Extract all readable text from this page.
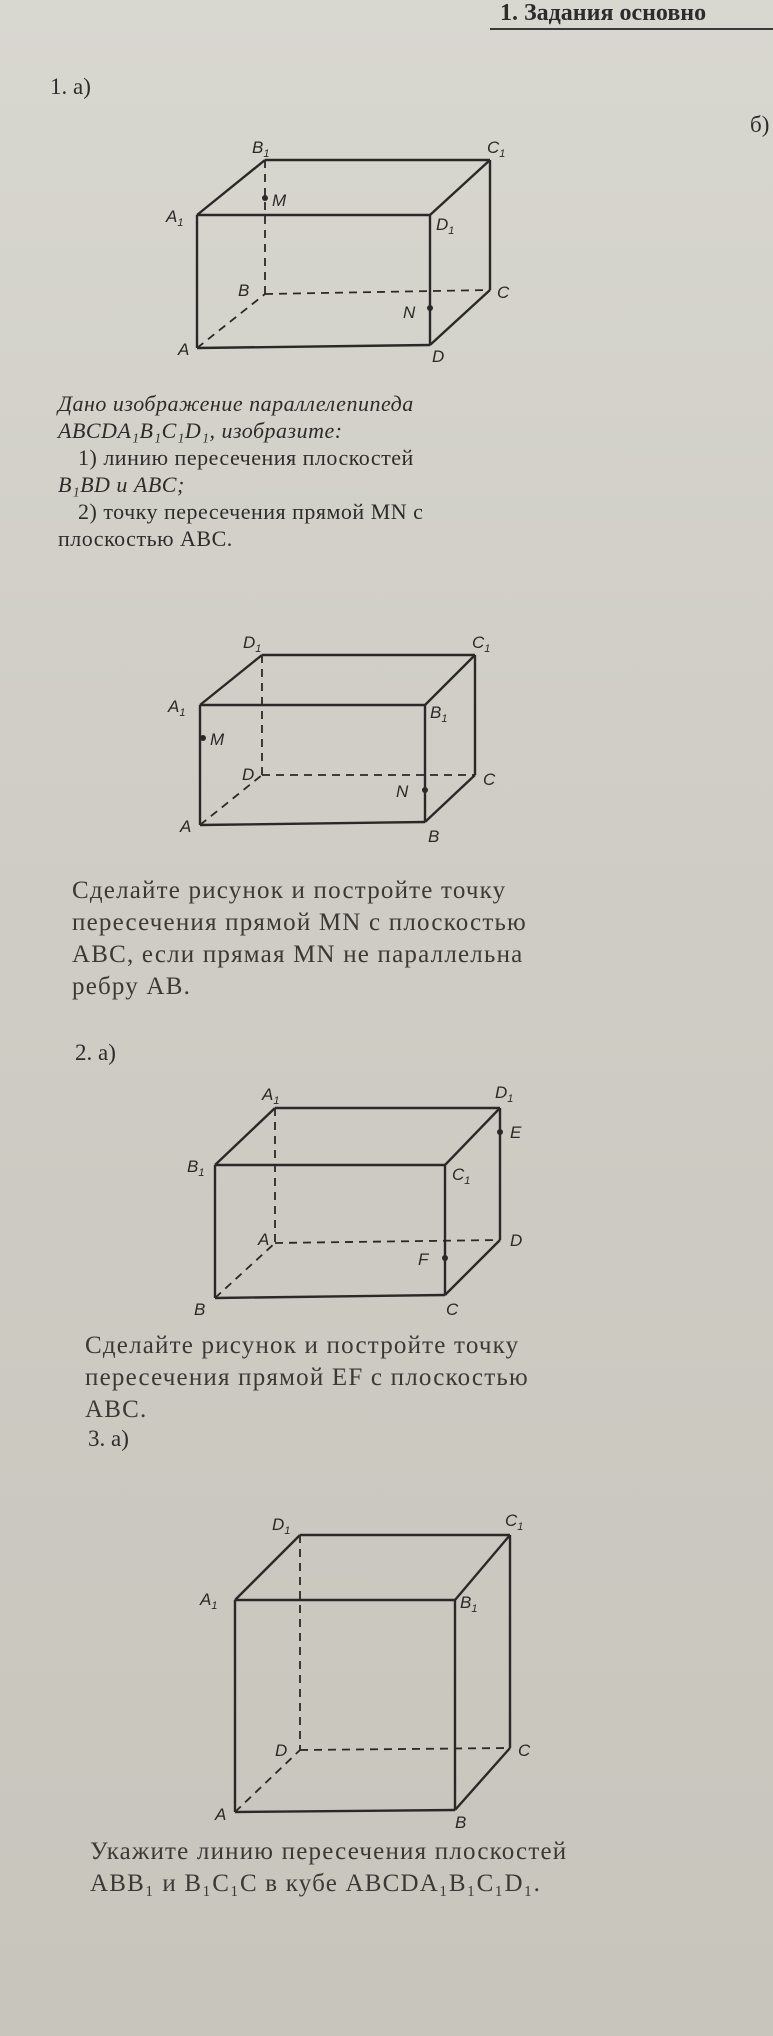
1. Задания основно
б)
1. а)
$B_1$	$C_1$
$A_1$	$D_1$
M
B	C
N
A	D
Дано изображение параллелепипеда
ABCDA₁B₁C₁D₁, изобразите:
1) линию пересечения плоскостей
B₁BD и ABC;
2) точку пересечения прямой MN с
плоскостью ABC.
$D_1$	$C_1$
$A_1$	$B_1$
M
D	C
N
A
B
Сделайте рисунок и постройте точку
пересечения прямой MN с плоскостью
ABC, если прямая MN не параллельна
ребру AB.
2. а)
$A_1$	$D_1$
E
$B_1$	$C_1$
A	D
F
B	C
Сделайте рисунок и постройте точку
пересечения прямой EF с плоскостью
ABC.
3. а)
$D_1$
$C_1$
$A_1$	$B_1$
D	C
A	B
Укажите линию пересечения плоскостей
ABB₁ и B₁C₁C в кубе ABCDA₁B₁C₁D₁.
